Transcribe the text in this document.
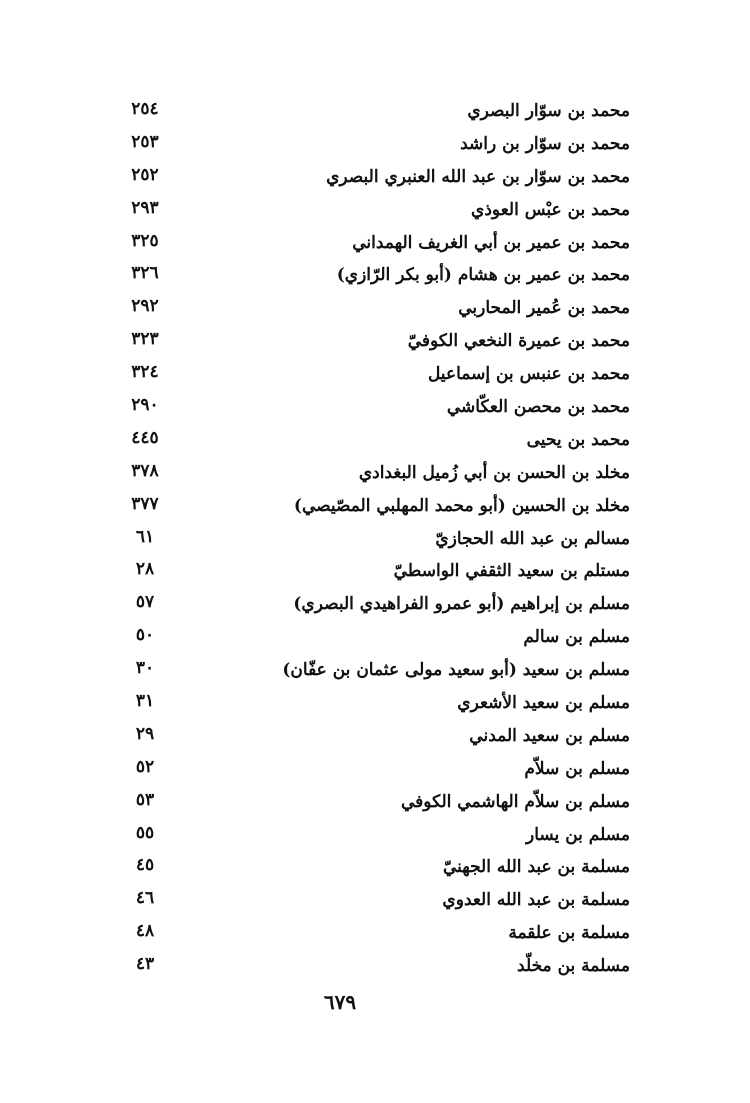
محمد بن سوّار البصري
٢٥٤
محمد بن سوّار بن راشد
٢٥٣
محمد بن سوّار بن عبد الله العنبري البصري
٢٥٢
محمد بن عبْس العوذي
٢٩٣
محمد بن عمير بن أبي الغريف الهمداني
٣٢٥
محمد بن عمير بن هشام (أبو بكر الرّازي)
٣٢٦
محمد بن عُمير المحاربي
٢٩٢
محمد بن عميرة النخعي الكوفيّ
٣٢٣
محمد بن عنبس بن إسماعيل
٣٢٤
محمد بن محصن العكّاشي
٢٩٠
محمد بن يحيى
٤٤٥
مخلد بن الحسن بن أبي زُميل البغدادي
٣٧٨
مخلد بن الحسين (أبو محمد المهلبي المصّيصي)
٣٧٧
مسالم بن عبد الله الحجازيّ
٦١
مستلم بن سعيد الثقفي الواسطيّ
٢٨
مسلم بن إبراهيم (أبو عمرو الفراهيدي البصري)
٥٧
مسلم بن سالم
٥٠
مسلم بن سعيد (أبو سعيد مولى عثمان بن عفّان)
٣٠
مسلم بن سعيد الأشعري
٣١
مسلم بن سعيد المدني
٢٩
مسلم بن سلاّم
٥٢
مسلم بن سلاّم الهاشمي الكوفي
٥٣
مسلم بن يسار
٥٥
مسلمة بن عبد الله الجهنيّ
٤٥
مسلمة بن عبد الله العدوي
٤٦
مسلمة بن علقمة
٤٨
مسلمة بن مخلّد
٤٣
٦٧٩
